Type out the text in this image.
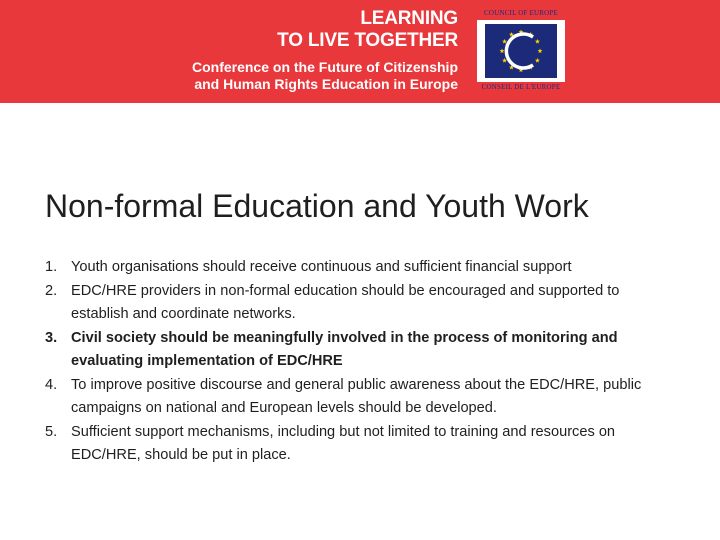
LEARNING
TO LIVE TOGETHER
Conference on the Future of Citizenship
and Human Rights Education in Europe
COUNCIL OF EUROPE
CONSEIL DE L'EUROPE
Non-formal Education and Youth Work
1. Youth organisations should receive continuous and sufficient financial support
2. EDC/HRE providers in non-formal education should be encouraged and supported to establish and coordinate networks.
3. Civil society should be meaningfully involved in the process of monitoring and evaluating implementation of EDC/HRE
4. To improve positive discourse and general public awareness about the EDC/HRE, public campaigns on national and European levels should be developed.
5. Sufficient support mechanisms, including but not limited to training and resources on EDC/HRE, should be put in place.
